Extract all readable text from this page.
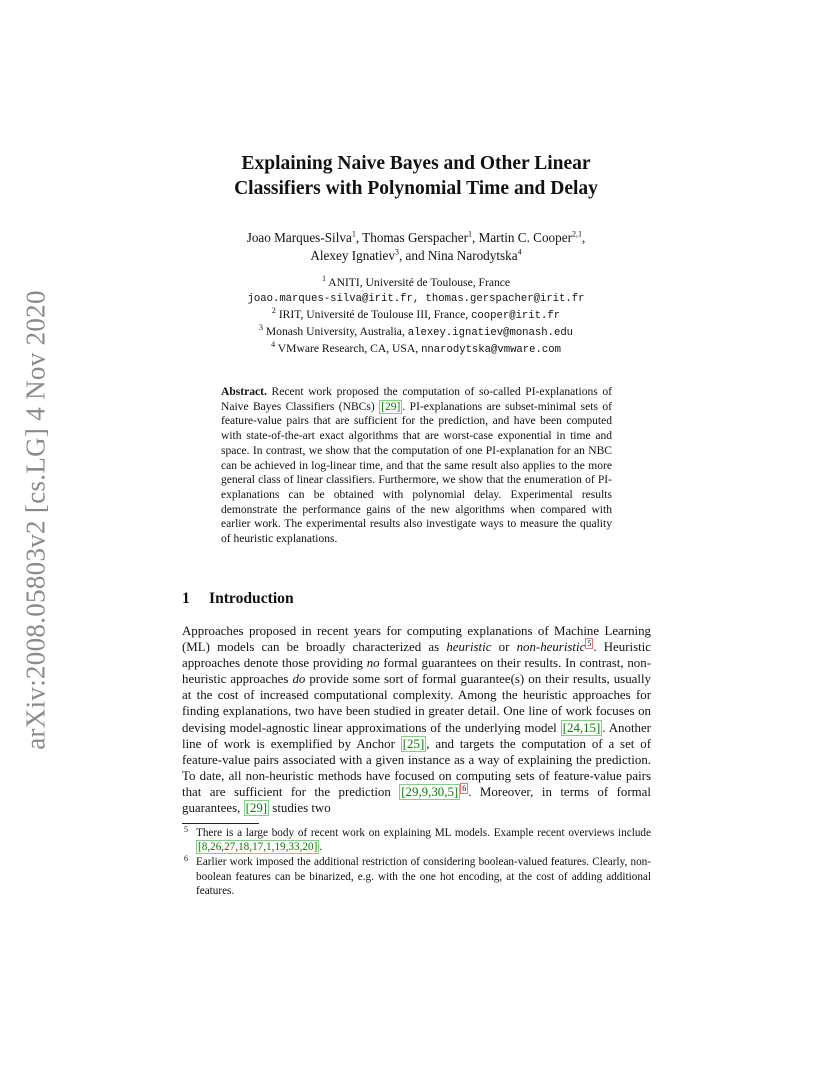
arXiv:2008.05803v2 [cs.LG] 4 Nov 2020
Explaining Naive Bayes and Other Linear
Classifiers with Polynomial Time and Delay
Joao Marques-Silva$^1$, Thomas Gerspacher$^1$, Martin C. Cooper$^{2,1}$,
Alexey Ignatiev$^3$, and Nina Narodytska$^4$
$^1$ ANITI, Université de Toulouse, France
joao.marques-silva@irit.fr, thomas.gerspacher@irit.fr
$^2$ IRIT, Université de Toulouse III, France, cooper@irit.fr
$^3$ Monash University, Australia, alexey.ignatiev@monash.edu
$^4$ VMware Research, CA, USA, nnarodytska@vmware.com
Abstract. Recent work proposed the computation of so-called PI-explanations of Naive Bayes Classifiers (NBCs) [29] . PI-explanations are subset-minimal sets of feature-value pairs that are sufficient for the prediction, and have been computed with state-of-the-art exact algorithms that are worst-case exponential in time and space. In contrast, we show that the computation of one PI-explanation for an NBC can be achieved in log-linear time, and that the same result also applies to the more general class of linear classifiers. Furthermore, we show that the enumeration of PI-explanations can be obtained with polynomial delay. Experimental results demonstrate the performance gains of the new algorithms when compared with earlier work. The experimental results also investigate ways to measure the quality of heuristic explanations.
1 Introduction
Approaches proposed in recent years for computing explanations of Machine Learning (ML) models can be broadly characterized as heuristic or non-heuristic $^5$ . Heuristic approaches denote those providing no formal guarantees on their results. In contrast, non-heuristic approaches do provide some sort of formal guarantee(s) on their results, usually at the cost of increased computational complexity. Among the heuristic approaches for finding explanations, two have been studied in greater detail. One line of work focuses on devising model-agnostic linear approximations of the underlying model [24,15] . Another line of work is exemplified by Anchor [25] , and targets the computation of a set of feature-value pairs associated with a given instance as a way of explaining the prediction. To date, all non-heuristic methods have focused on computing sets of feature-value pairs that are sufficient for the prediction [29,9,30,5] $^6$ . Moreover, in terms of formal guarantees, [29] studies two
5 There is a large body of recent work on explaining ML models. Example recent overviews include [8,26,27,18,17,1,19,33,20] .
6 Earlier work imposed the additional restriction of considering boolean-valued features. Clearly, non-boolean features can be binarized, e.g. with the one hot encoding, at the cost of adding additional features.
